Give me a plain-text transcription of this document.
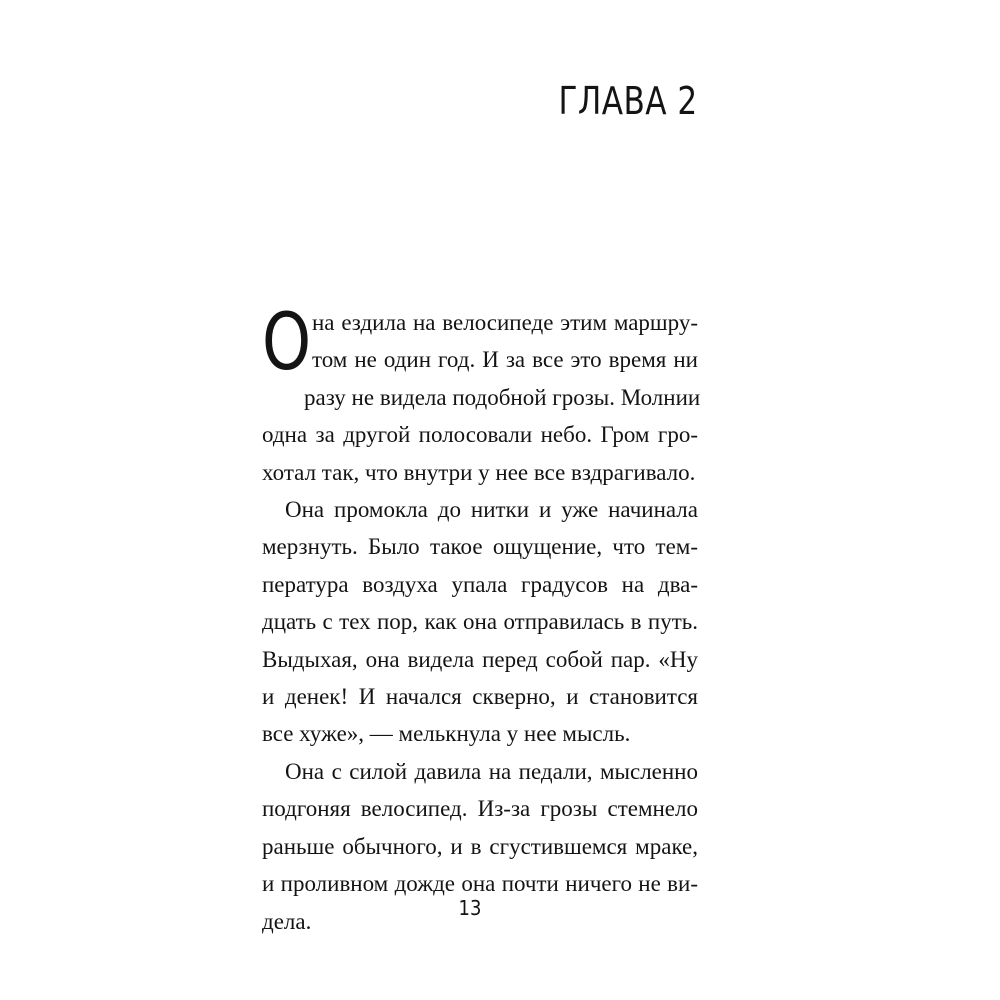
ГЛАВА 2

О на ездила на велосипеде этим маршру-
том не один год. И за все это время ни
разу не видела подобной грозы. Молнии
одна за другой полосовали небо. Гром гро-
хотал так, что внутри у нее все вздрагивало.

Она промокла до нитки и уже начинала
мерзнуть. Было такое ощущение, что тем-
пература воздуха упала градусов на два-
дцать с тех пор, как она отправилась в путь.
Выдыхая, она видела перед собой пар. «Ну
и денек! И начался скверно, и становится
все хуже», — мелькнула у нее мысль.

Она с силой давила на педали, мысленно
подгоняя велосипед. Из-за грозы стемнело
раньше обычного, и в сгустившемся мраке,
и проливном дожде она почти ничего не ви-
дела.

13
